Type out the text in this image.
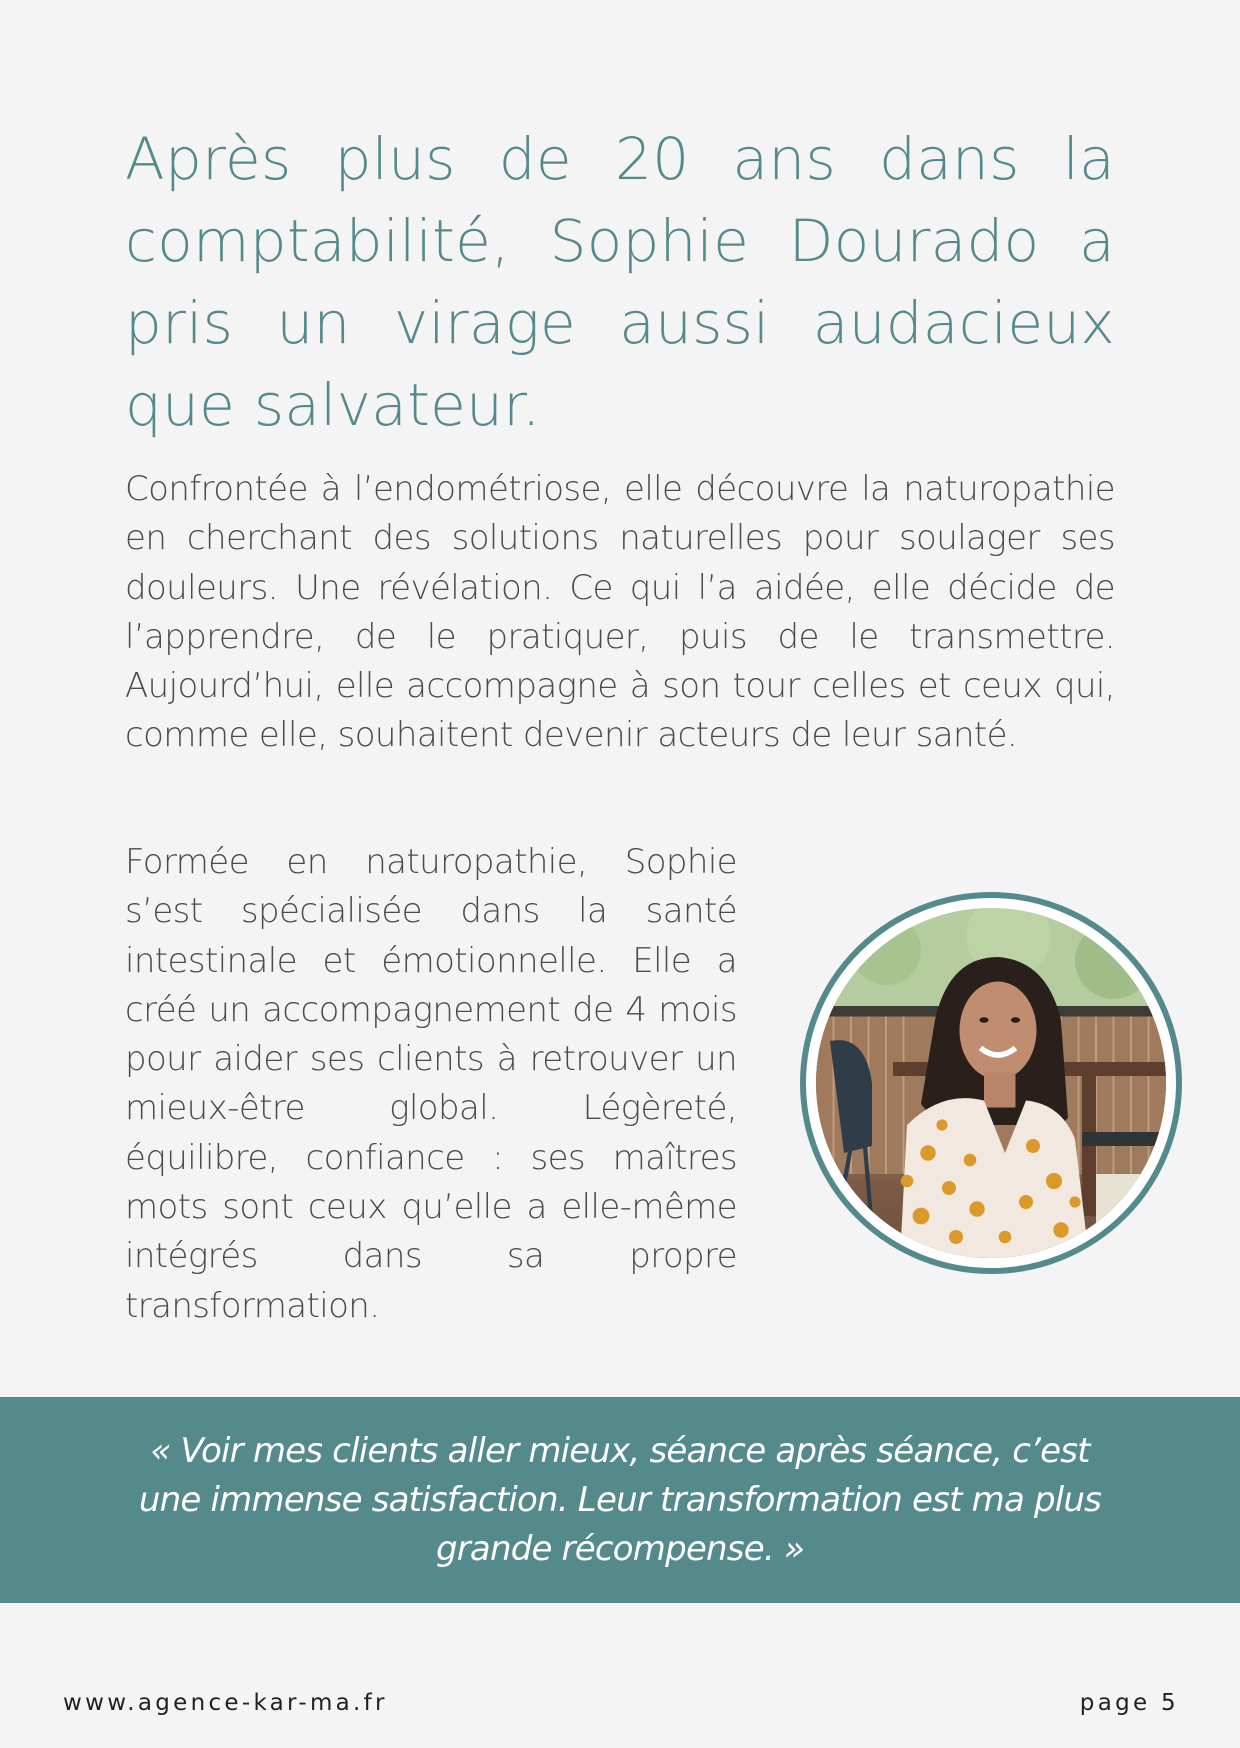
Après plus de 20 ans dans la comptabilité, Sophie Dourado a pris un virage aussi audacieux que salvateur.

Confrontée à l’endométriose, elle découvre la naturopathie en cherchant des solutions naturelles pour soulager ses douleurs. Une révélation. Ce qui l’a aidée, elle décide de l’apprendre, de le pratiquer, puis de le transmettre. Aujourd’hui, elle accompagne à son tour celles et ceux qui, comme elle, souhaitent devenir acteurs de leur santé.

Formée en naturopathie, Sophie s’est spécialisée dans la santé intestinale et émotionnelle. Elle a créé un accompagnement de 4 mois pour aider ses clients à retrouver un mieux-être global. Légèreté, équilibre, confiance : ses maîtres mots sont ceux qu’elle a elle-même intégrés dans sa propre transformation.

« Voir mes clients aller mieux, séance après séance, c’est une immense satisfaction. Leur transformation est ma plus grande récompense. »
www.agence-kar-ma.fr	page 5
